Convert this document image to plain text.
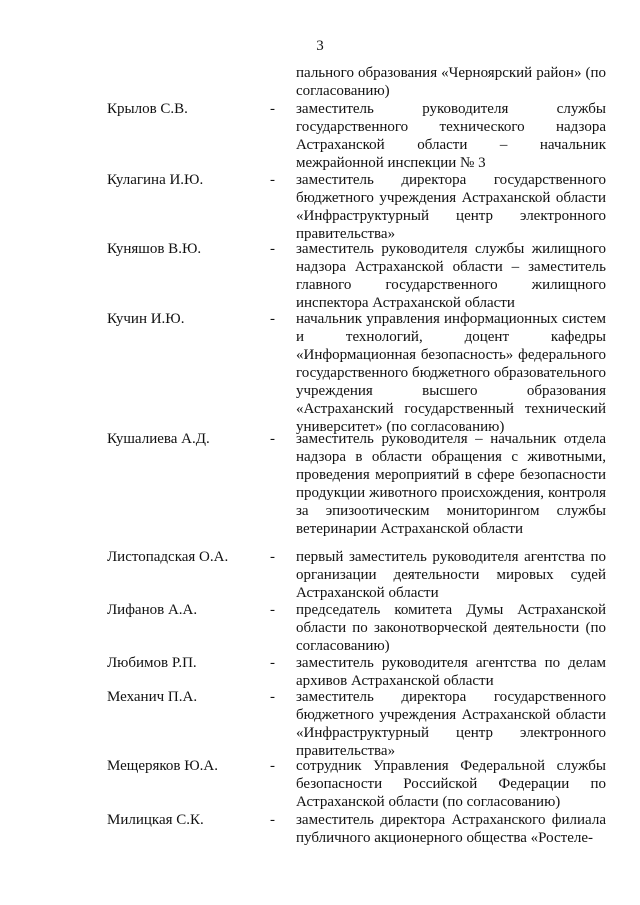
3
пального образования «Черноярский район» (по согласованию)
Крылов С.В.	- заместитель руководителя службы государственного технического надзора Астраханской области – начальник межрайонной инспекции № 3
Кулагина И.Ю.	- заместитель директора государственного бюджетного учреждения Астраханской области «Инфраструктурный центр электронного правительства»
Куняшов В.Ю.	- заместитель руководителя службы жилищного надзора Астраханской области – заместитель главного государственного жилищного инспектора Астраханской области
Кучин И.Ю.	- начальник управления информационных систем и технологий, доцент кафедры «Информационная безопасность» федерального государственного бюджетного образовательного учреждения высшего образования «Астраханский государственный технический университет» (по согласованию)
Кушалиева А.Д.	- заместитель руководителя – начальник отдела надзора в области обращения с животными, проведения мероприятий в сфере безопасности продукции животного происхождения, контроля за эпизоотическим мониторингом службы ветеринарии Астраханской области
Листопадская О.А.	- первый заместитель руководителя агентства по организации деятельности мировых судей Астраханской области
Лифанов А.А.	- председатель комитета Думы Астраханской области по законотворческой деятельности (по согласованию)
Любимов Р.П.	- заместитель руководителя агентства по делам архивов Астраханской области
Механич П.А.	- заместитель директора государственного бюджетного учреждения Астраханской области «Инфраструктурный центр электронного правительства»
Мещеряков Ю.А.	- сотрудник Управления Федеральной службы безопасности Российской Федерации по Астраханской области (по согласованию)
Милицкая С.К.	- заместитель директора Астраханского филиала публичного акционерного общества «Ростеле-
